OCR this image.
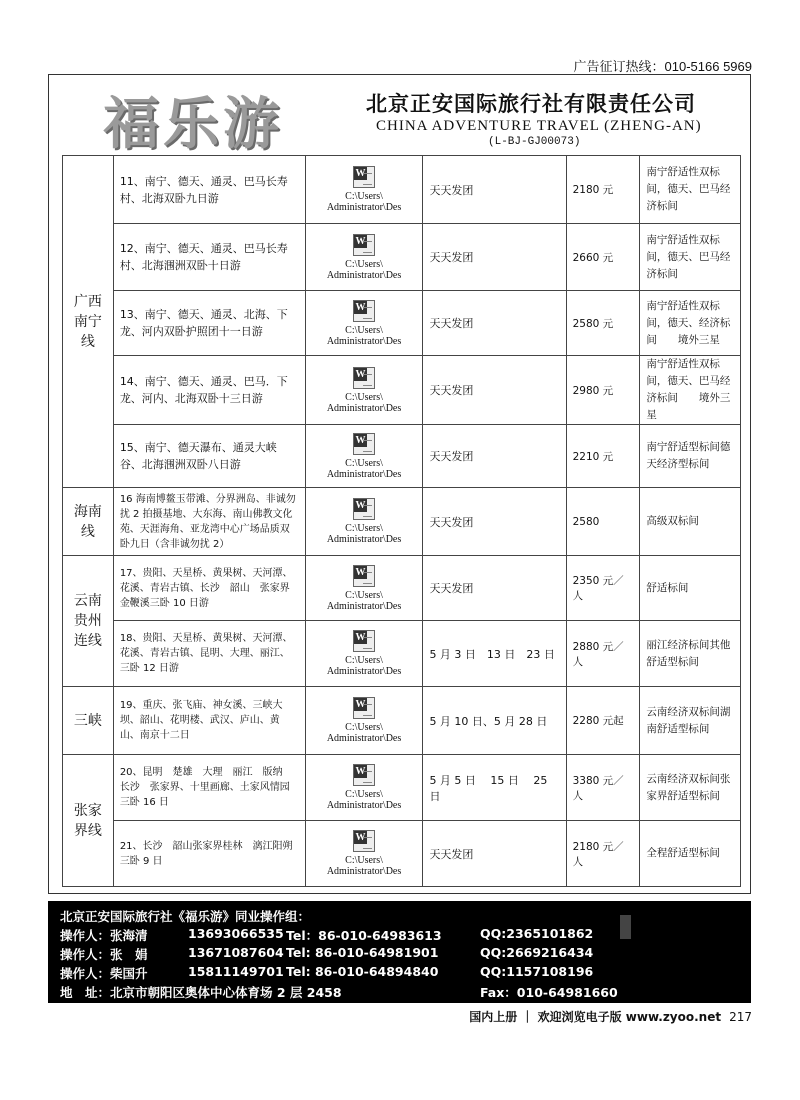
广告征订热线：010-5166 5969
福乐游	北京正安国际旅行社有限责任公司
CHINA ADVENTURE TRAVEL (ZHENG-AN)
(L-BJ-GJ00073)
广西南宁线	11、南宁、德天、通灵、巴马长寿村、北海双卧九日游	W
C:\Users\
Administrator\Des	天天发团	2180 元	南宁舒适性双标间，德天、巴马经济标间
	12、南宁、德天、通灵、巴马长寿村、北海涠洲双卧十日游	W
C:\Users\
Administrator\Des	天天发团	2660 元	南宁舒适性双标间，德天、巴马经济标间
	13、南宁、德天、通灵、北海、下龙、河内双卧护照团十一日游	W
C:\Users\
Administrator\Des	天天发团	2580 元	南宁舒适性双标间，德天、经济标间　　境外三星
	14、南宁、德天、通灵、巴马．下龙、河内、北海双卧十三日游	W
C:\Users\
Administrator\Des	天天发团	2980 元	南宁舒适性双标间，德天、巴马经济标间　　境外三星
	15、南宁、德天瀑布、通灵大峡谷、北海涠洲双卧八日游	W
C:\Users\
Administrator\Des	天天发团	2210 元	南宁舒适型标间德天经济型标间
海南线	16 海南博鳌玉带滩、分界洲岛、非诚勿扰 2 拍摄基地、大东海、南山佛教文化苑、天涯海角、亚龙湾中心广场品质双卧九日（含非诚勿扰 2）	W
C:\Users\
Administrator\Des	天天发团	2580	高级双标间
云南贵州连线	17、贵阳、天星桥、黄果树、天河潭、花溪、青岩古镇、长沙　韶山　张家界　金鞭溪三卧 10 日游	W
C:\Users\
Administrator\Des	天天发团	2350 元／人	舒适标间
	18、贵阳、天星桥、黄果树、天河潭、花溪、青岩古镇、昆明、大理、丽江、三卧 12 日游	W
C:\Users\
Administrator\Des	5 月 3 日　13 日　23 日	2880 元／人	丽江经济标间其他舒适型标间
三峡	19、重庆、张飞庙、神女溪、三峡大坝、韶山、花明楼、武汉、庐山、黄山、南京十二日	W
C:\Users\
Administrator\Des	5 月 10 日、5 月 28 日	2280 元起	云南经济双标间湖南舒适型标间
张家界线	20、昆明　楚雄　大理　丽江　版纳　长沙　张家界、十里画廊、土家风情园三卧 16 日	W
C:\Users\
Administrator\Des	5 月 5 日　 15 日　 25 日	3380 元／人	云南经济双标间张家界舒适型标间
	21、长沙　韶山张家界桂林　漓江阳朔三卧 9 日	W
C:\Users\
Administrator\Des	天天发团	2180 元／人	全程舒适型标间
北京正安国际旅行社《福乐游》同业操作组：
操作人：张海清	13693066535 Tel：86-010-64983613	QQ:2365101862
操作人：张　娟	13671087604 Tel: 86-010-64981901	QQ:2669216434
操作人：柴国升	15811149701 Tel: 86-010-64894840	QQ:1157108196
地　址：北京市朝阳区奥体中心体育场 2 层 2458	Fax：010-64981660
国内上册 ｜ 欢迎浏览电子版 www.zyoo.net 217
